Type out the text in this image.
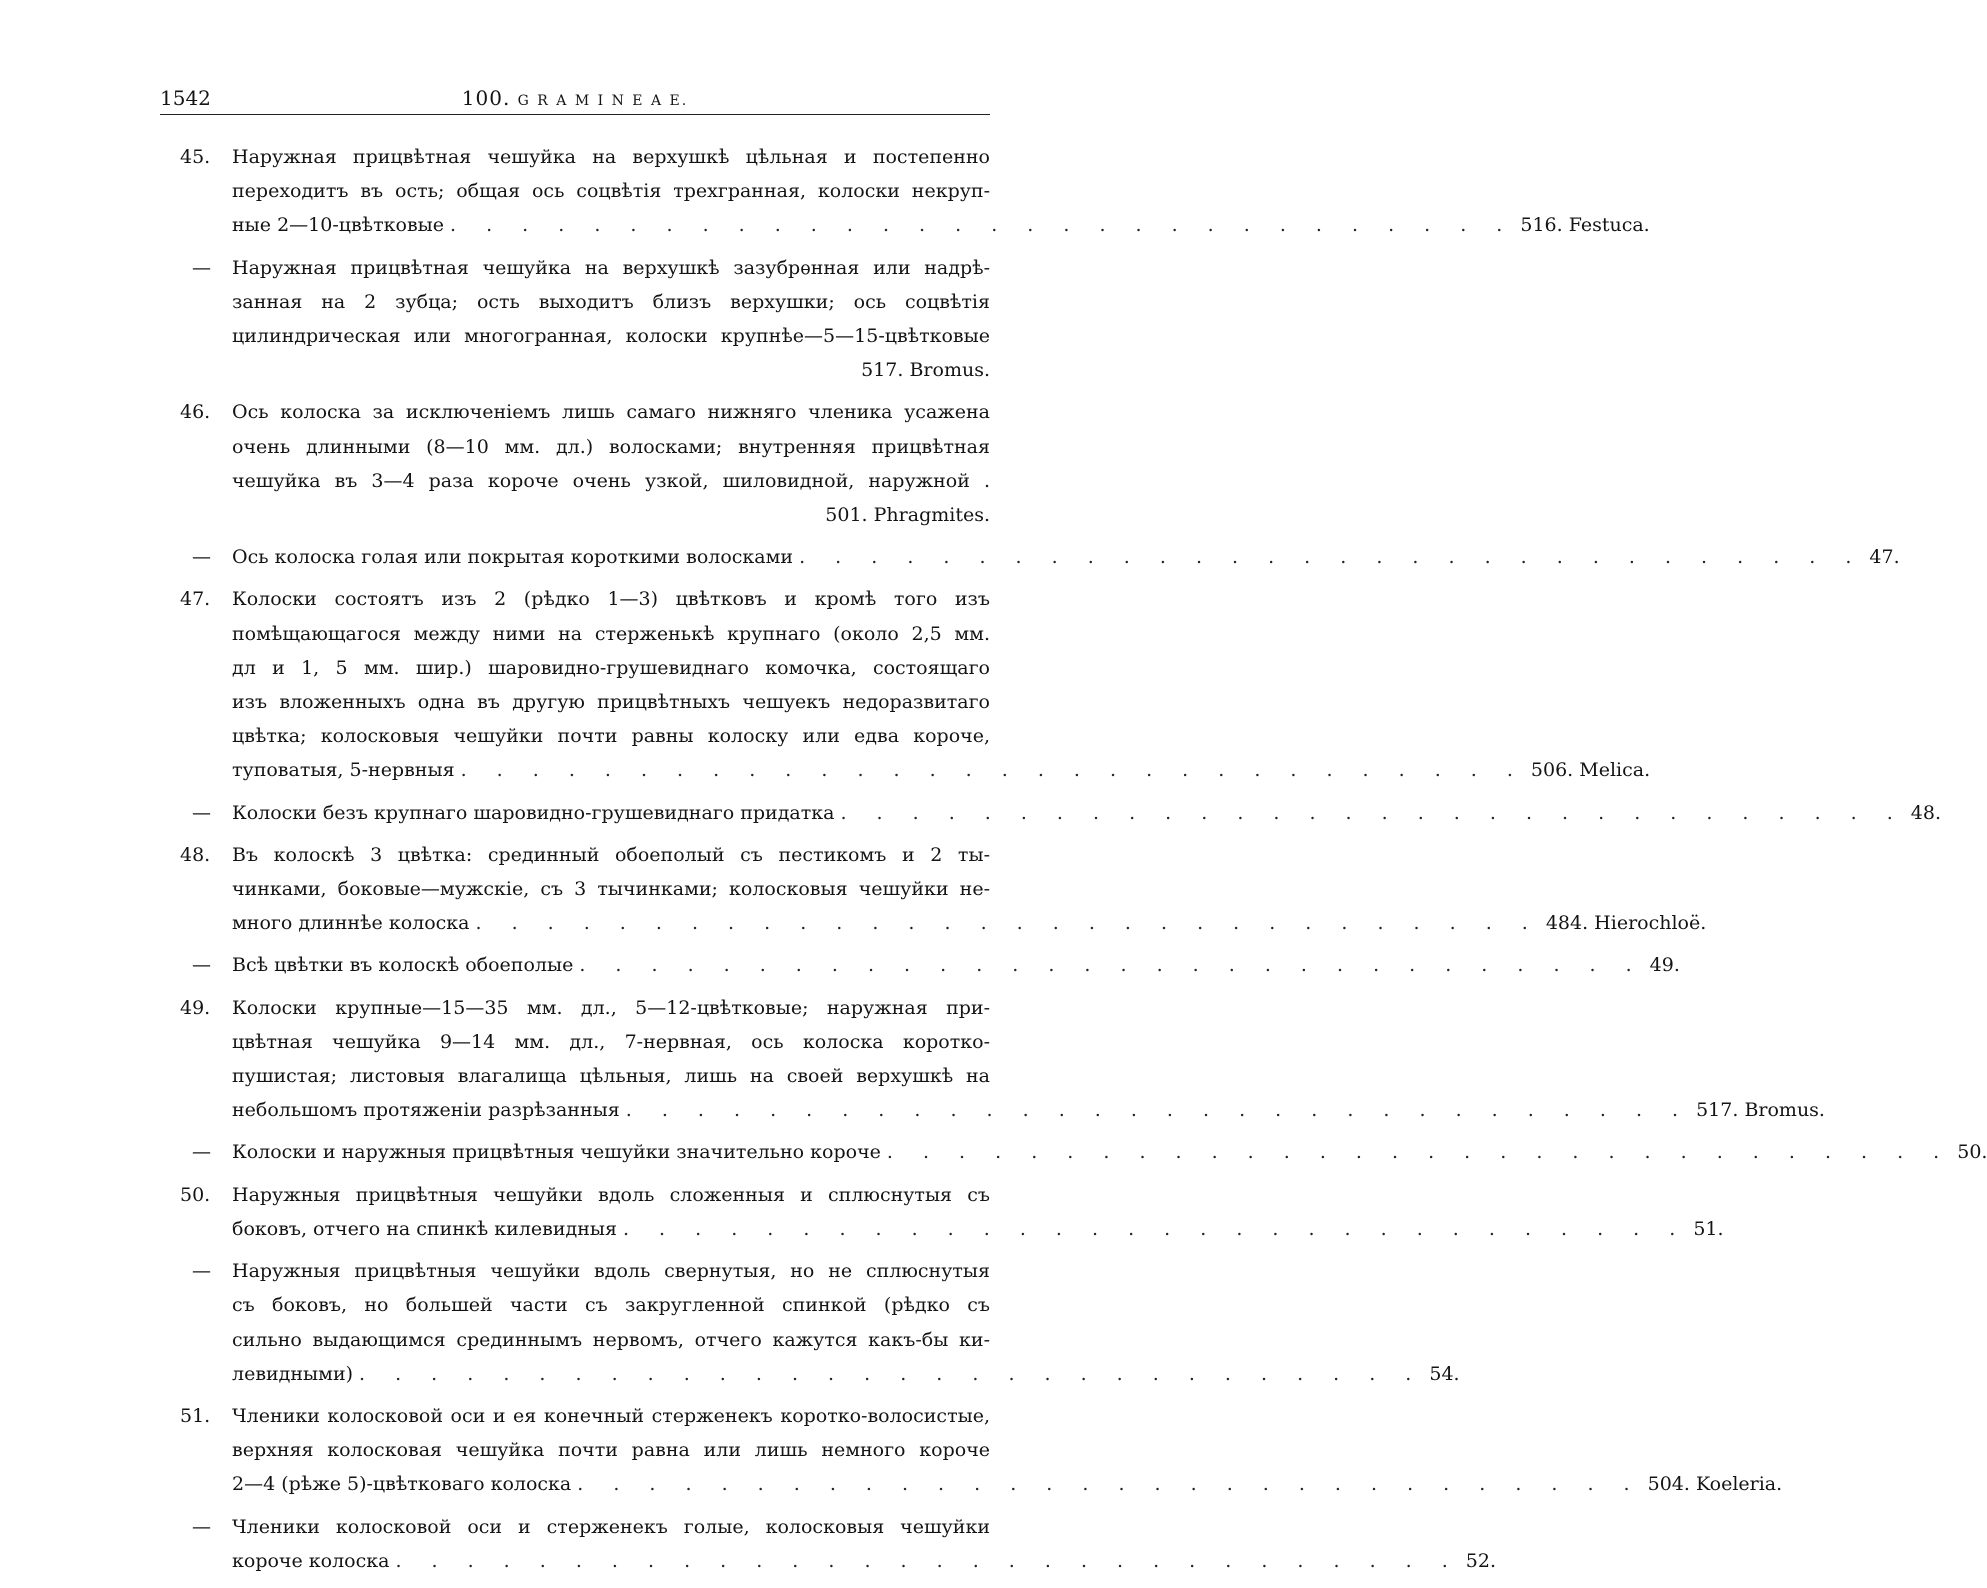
1542	100. G R A M I N E A E.
45.	Наружная прицвѣтная чешуйка на верхушкѣ цѣльная и постепенно
переходитъ въ ость; общая ось соцвѣтія трехгранная, колоски некруп-
ные 2—10-цвѣтковые . . . . . . . . . . . . . . . . . . . . . . . . . . . . . . 516. Festuca.
—	Наружная прицвѣтная чешуйка на верхушкѣ зазубрѳнная или надрѣ-
занная на 2 зубца; ость выходитъ близъ верхушки; ось соцвѣтія
цилиндрическая или многогранная, колоски крупнѣе—5—15-цвѣтковые
517. Bromus.
46.	Ось колоска за исключеніемъ лишь самаго нижняго членика усажена
очень длинными (8—10 мм. дл.) волосками; внутренняя прицвѣтная
чешуйка въ 3—4 раза короче очень узкой, шиловидной, наружной .
501. Phragmites.
—	Ось колоска голая или покрытая короткими волосками . . . . . . . . . . . . . . . . . . . . . . . . . . . . . . 47.
47.	Колоски состоятъ изъ 2 (рѣдко 1—3) цвѣтковъ и кромѣ того изъ
помѣщающагося между ними на стерженькѣ крупнаго (около 2,5 мм.
дл и 1, 5 мм. шир.) шаровидно-грушевиднаго комочка, состоящаго
изъ вложенныхъ одна въ другую прицвѣтныхъ чешуекъ недоразвитаго
цвѣтка; колосковыя чешуйки почти равны колоску или едва короче,
туповатыя, 5-нервныя . . . . . . . . . . . . . . . . . . . . . . . . . . . . . . 506. Melica.
—	Колоски безъ крупнаго шаровидно-грушевиднаго придатка . . . . . . . . . . . . . . . . . . . . . . . . . . . . . . 48.
48.	Въ колоскѣ 3 цвѣтка: срединный обоеполый съ пестикомъ и 2 ты-
чинками, боковые—мужскіе, съ 3 тычинками; колосковыя чешуйки не-
много длиннѣе колоска . . . . . . . . . . . . . . . . . . . . . . . . . . . . . . 484. Hierochloë.
—	Всѣ цвѣтки въ колоскѣ обоеполые . . . . . . . . . . . . . . . . . . . . . . . . . . . . . . 49.
49.	Колоски крупные—15—35 мм. дл., 5—12-цвѣтковые; наружная при-
цвѣтная чешуйка 9—14 мм. дл., 7-нервная, ось колоска коротко-
пушистая; листовыя влагалища цѣльныя, лишь на своей верхушкѣ на
небольшомъ протяженіи разрѣзанныя . . . . . . . . . . . . . . . . . . . . . . . . . . . . . . 517. Bromus.
—	Колоски и наружныя прицвѣтныя чешуйки значительно короче . . . . . . . . . . . . . . . . . . . . . . . . . . . . . . 50.
50.	Наружныя прицвѣтныя чешуйки вдоль сложенныя и сплюснутыя съ
боковъ, отчего на спинкѣ килевидныя . . . . . . . . . . . . . . . . . . . . . . . . . . . . . . 51.
—	Наружныя прицвѣтныя чешуйки вдоль свернутыя, но не сплюснутыя
съ боковъ, но большей части съ закругленной спинкой (рѣдко съ
сильно выдающимся срединнымъ нервомъ, отчего кажутся какъ-бы ки-
левидными) . . . . . . . . . . . . . . . . . . . . . . . . . . . . . . 54.
51.	Членики колосковой оси и ея конечный стерженекъ коротко-волосистые,
верхняя колосковая чешуйка почти равна или лишь немного короче
2—4 (рѣже 5)-цвѣтковаго колоска . . . . . . . . . . . . . . . . . . . . . . . . . . . . . . 504. Koeleria.
—	Членики колосковой оси и стерженекъ голые, колосковыя чешуйки
короче колоска . . . . . . . . . . . . . . . . . . . . . . . . . . . . . . 52.
